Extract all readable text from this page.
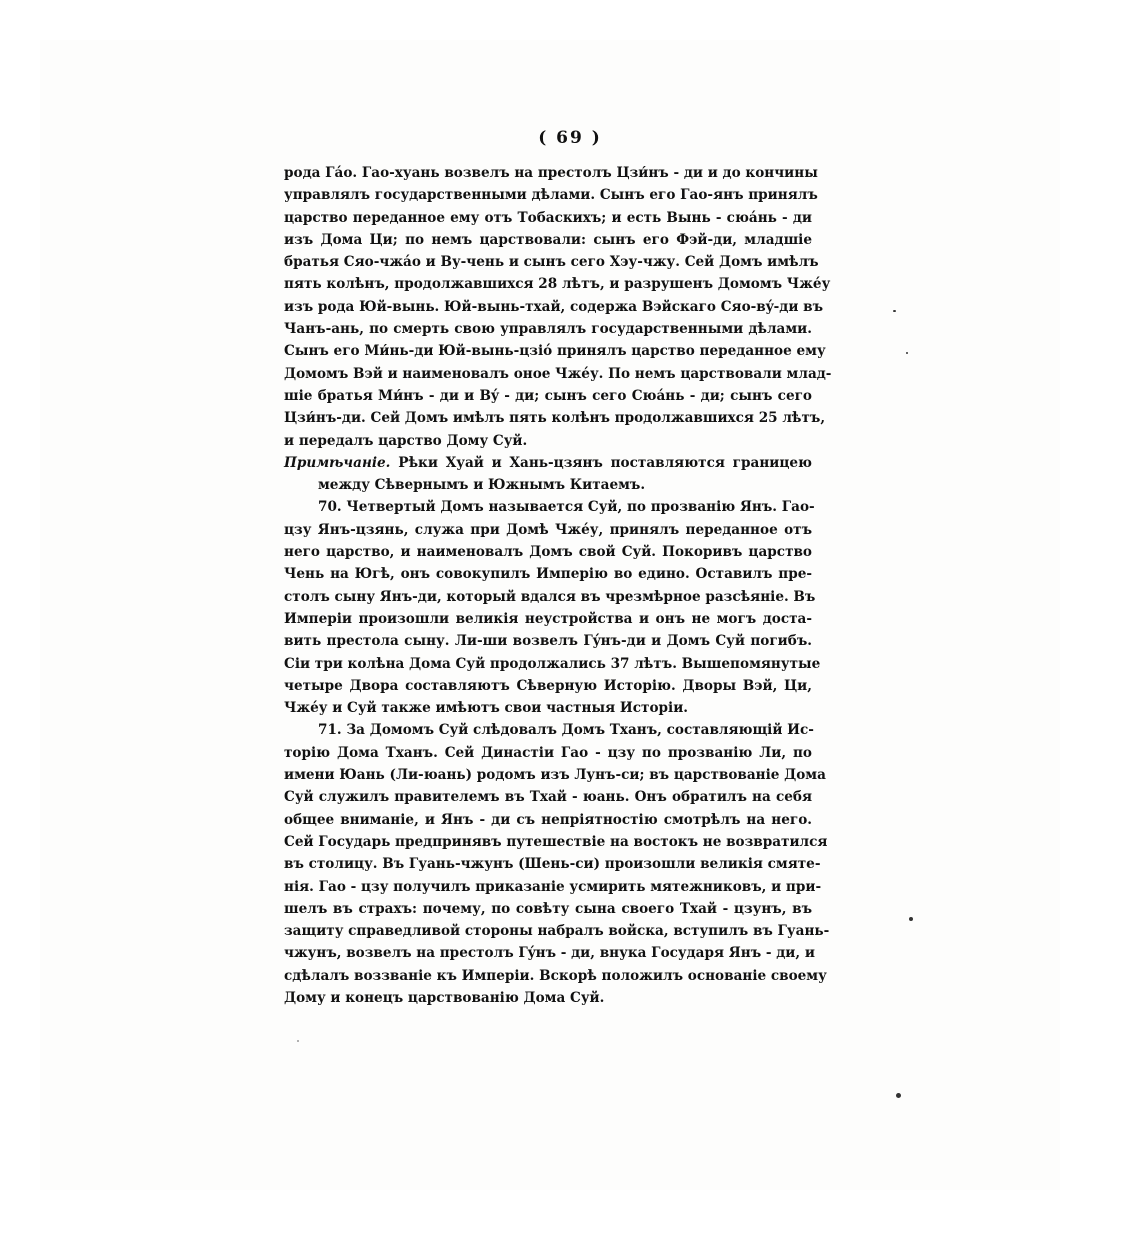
( 69 )
рода Гáо. Гао-хуань возвелъ на престолъ Цзи́нъ - ди и до кончины
управлялъ государственными дѣлами. Сынъ его Гао-янъ принялъ
царство переданное ему отъ Тобаскихъ; и есть Вынь - сюáнь - ди
изъ Дома Ци; по немъ царствовали: сынъ его Фэй-ди, младшіе
братья Сяо-чжáо и Ву-чень и сынъ сего Хэу-чжу. Сей Домъ имѣлъ
пять колѣнъ, продолжавшихся 28 лѣтъ, и разрушенъ Домомъ Чжéу
изъ рода Юй-вынь. Юй-вынь-тхай, содержа Вэйскаго Сяо-вý-ди въ
Чанъ-ань, по смерть свою управлялъ государственными дѣлами.
Сынъ его Ми́нь-ди Юй-вынь-цзіó принялъ царство переданное ему
Домомъ Вэй и наименовалъ оное Чжéу. По немъ царствовали млад-
шіе братья Ми́нъ - ди и Вý - ди; сынъ сего Сюáнь - ди; сынъ сего
Цзи́нъ-ди. Сей Домъ имѣлъ пять колѣнъ продолжавшихся 25 лѣтъ,
и передалъ царство Дому Суй.
Примѣчаніе. Рѣки Хуай и Хань-цзянъ поставляются границею
между Сѣвернымъ и Южнымъ Китаемъ.
70. Четвертый Домъ называется Суй, по прозванію Янъ. Гао-
цзу Янъ-цзянь, служа при Домѣ Чжéу, принялъ переданное отъ
него царство, и наименовалъ Домъ свой Суй. Покоривъ царство
Чень на Югѣ, онъ совокупилъ Имперію во едино. Оставилъ пре-
столъ сыну Янъ-ди, который вдался въ чрезмѣрное разсѣяніе. Въ
Имперіи произошли великія неустройства и онъ не могъ доста-
вить престола сыну. Ли-ши возвелъ Гýнъ-ди и Домъ Суй погибъ.
Сіи три колѣна Дома Суй продолжались 37 лѣтъ. Вышепомянутые
четыре Двора составляютъ Сѣверную Исторію. Дворы Вэй, Ци,
Чжéу и Суй также имѣютъ свои частныя Исторіи.
71. За Домомъ Суй слѣдовалъ Домъ Тханъ, составляющій Ис-
торію Дома Тханъ. Сей Династіи Гао - цзу по прозванію Ли, по
имени Юань (Ли-юань) родомъ изъ Лунъ-си; въ царствованіе Дома
Суй служилъ правителемъ въ Тхай - юань. Онъ обратилъ на себя
общее вниманіе, и Янъ - ди съ непріятностію смотрѣлъ на него.
Сей Государь предпринявъ путешествіе на востокъ не возвратился
въ столицу. Въ Гуань-чжунъ (Шень-си) произошли великія смяте-
нія. Гао - цзу получилъ приказаніе усмирить мятежниковъ, и при-
шелъ въ страхъ: почему, по совѣту сына своего Тхай - цзунъ, въ
защиту справедливой стороны набралъ войска, вступилъ въ Гуань-
чжунъ, возвелъ на престолъ Гýнъ - ди, внука Государя Янъ - ди, и
сдѣлалъ воззваніе къ Имперіи. Вскорѣ положилъ основаніе своему
Дому и конецъ царствованію Дома Суй.
